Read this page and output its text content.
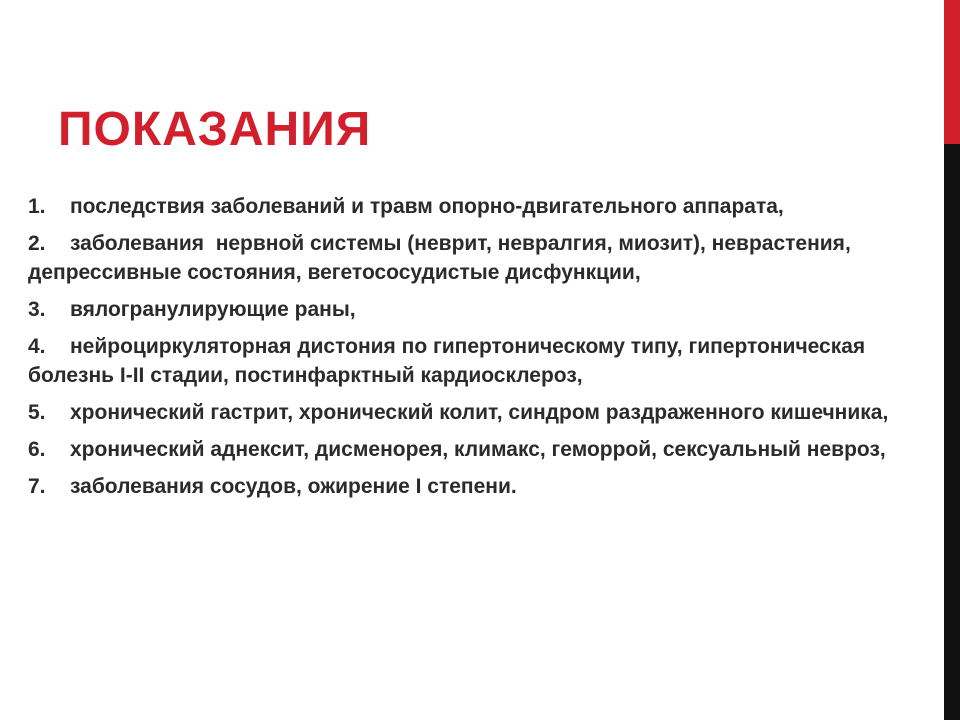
ПОКАЗАНИЯ
1.	последствия заболеваний и травм опорно-двигательного аппарата,
2.	заболевания  нервной системы (неврит, невралгия, миозит), неврастения, депрессивные состояния, вегетососудистые дисфункции,
3.	вялогранулирующие раны,
4.	нейроциркуляторная дистония по гипертоническому типу, гипертоническая болезнь I-II стадии, постинфарктный кардиосклероз,
5.	хронический гастрит, хронический колит, синдром раздраженного кишечника,
6.	хронический аднексит, дисменорея, климакс, геморрой, сексуальный невроз,
7.	заболевания сосудов, ожирение I степени.
